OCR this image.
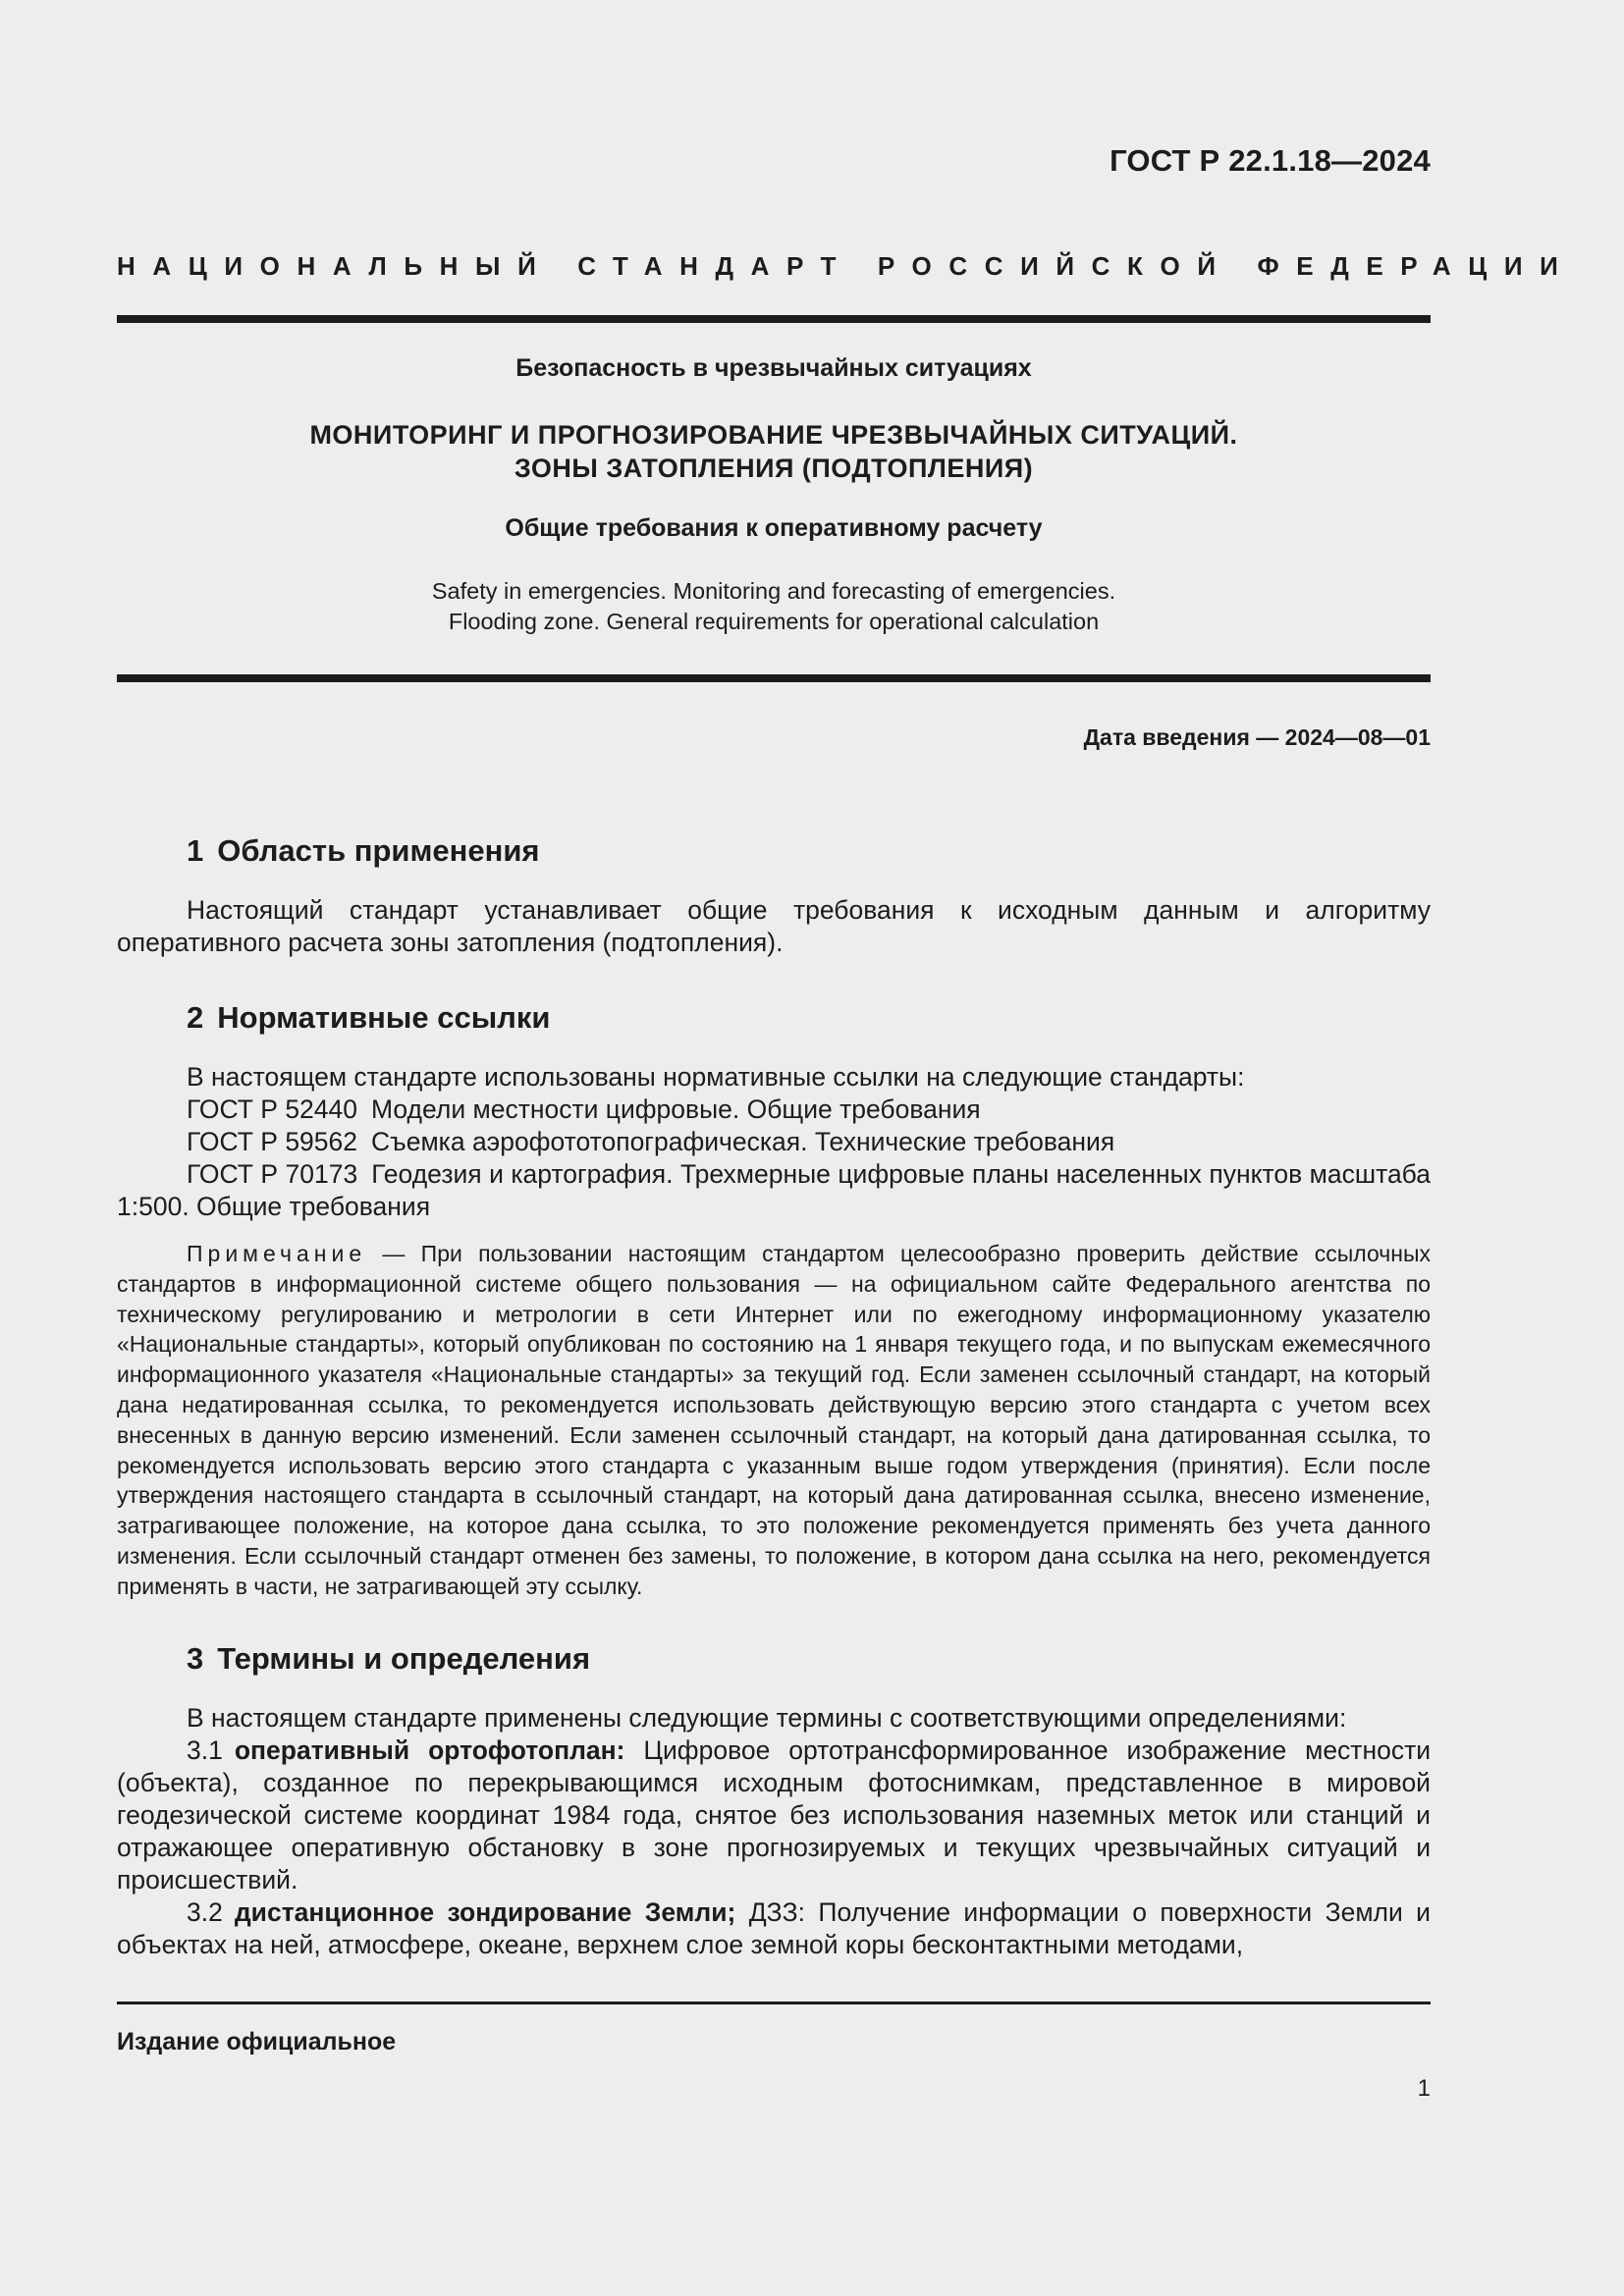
ГОСТ Р 22.1.18—2024
НАЦИОНАЛЬНЫЙ СТАНДАРТ РОССИЙСКОЙ ФЕДЕРАЦИИ
Безопасность в чрезвычайных ситуациях
МОНИТОРИНГ И ПРОГНОЗИРОВАНИЕ ЧРЕЗВЫЧАЙНЫХ СИТУАЦИЙ.
ЗОНЫ ЗАТОПЛЕНИЯ (ПОДТОПЛЕНИЯ)
Общие требования к оперативному расчету
Safety in emergencies. Monitoring and forecasting of emergencies.
Flooding zone. General requirements for operational calculation
Дата введения — 2024—08—01
1 Область применения
Настоящий стандарт устанавливает общие требования к исходным данным и алгоритму оперативного расчета зоны затопления (подтопления).
2 Нормативные ссылки
В настоящем стандарте использованы нормативные ссылки на следующие стандарты:
ГОСТ Р 52440 Модели местности цифровые. Общие требования
ГОСТ Р 59562 Съемка аэрофототопографическая. Технические требования
ГОСТ Р 70173 Геодезия и картография. Трехмерные цифровые планы населенных пунктов масштаба 1:500. Общие требования
Примечание — При пользовании настоящим стандартом целесообразно проверить действие ссылочных стандартов в информационной системе общего пользования — на официальном сайте Федерального агентства по техническому регулированию и метрологии в сети Интернет или по ежегодному информационному указателю «Национальные стандарты», который опубликован по состоянию на 1 января текущего года, и по выпускам ежемесячного информационного указателя «Национальные стандарты» за текущий год. Если заменен ссылочный стандарт, на который дана недатированная ссылка, то рекомендуется использовать действующую версию этого стандарта с учетом всех внесенных в данную версию изменений. Если заменен ссылочный стандарт, на который дана датированная ссылка, то рекомендуется использовать версию этого стандарта с указанным выше годом утверждения (принятия). Если после утверждения настоящего стандарта в ссылочный стандарт, на который дана датированная ссылка, внесено изменение, затрагивающее положение, на которое дана ссылка, то это положение рекомендуется применять без учета данного изменения. Если ссылочный стандарт отменен без замены, то положение, в котором дана ссылка на него, рекомендуется применять в части, не затрагивающей эту ссылку.
3 Термины и определения
В настоящем стандарте применены следующие термины с соответствующими определениями:
3.1 оперативный ортофотоплан: Цифровое ортотрансформированное изображение местности (объекта), созданное по перекрывающимся исходным фотоснимкам, представленное в мировой геодезической системе координат 1984 года, снятое без использования наземных меток или станций и отражающее оперативную обстановку в зоне прогнозируемых и текущих чрезвычайных ситуаций и происшествий.
3.2 дистанционное зондирование Земли; ДЗЗ: Получение информации о поверхности Земли и объектах на ней, атмосфере, океане, верхнем слое земной коры бесконтактными методами,
Издание официальное
1
